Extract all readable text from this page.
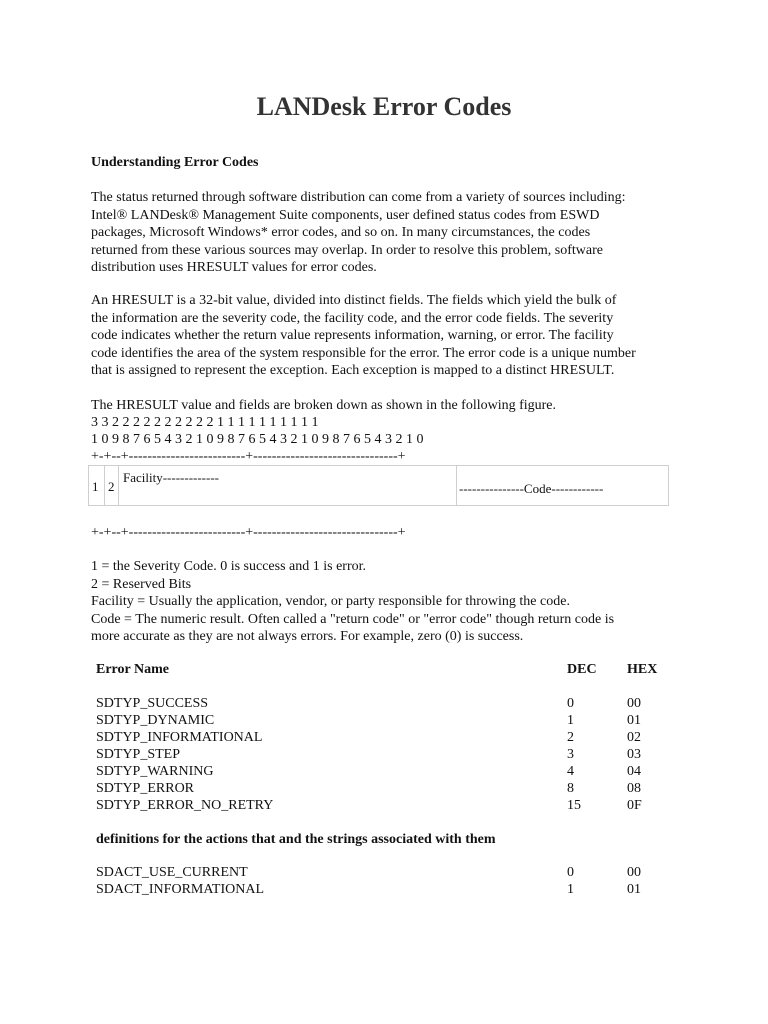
LANDesk Error Codes
Understanding Error Codes
The status returned through software distribution can come from a variety of sources including:
Intel® LANDesk® Management Suite components, user defined status codes from ESWD
packages, Microsoft Windows* error codes, and so on. In many circumstances, the codes
returned from these various sources may overlap. In order to resolve this problem, software
distribution uses HRESULT values for error codes.
An HRESULT is a 32-bit value, divided into distinct fields. The fields which yield the bulk of
the information are the severity code, the facility code, and the error code fields. The severity
code indicates whether the return value represents information, warning, or error. The facility
code identifies the area of the system responsible for the error. The error code is a unique number
that is assigned to represent the exception. Each exception is mapped to a distinct HRESULT.
The HRESULT value and fields are broken down as shown in the following figure.
3 3 2 2 2 2 2 2 2 2 2 2 1 1 1 1 1 1 1 1 1 1
1 0 9 8 7 6 5 4 3 2 1 0 9 8 7 6 5 4 3 2 1 0 9 8 7 6 5 4 3 2 1 0
+-+--+-------------------------+-------------------------------+
1 2
Facility-------------
---------------Code------------
+-+--+-------------------------+-------------------------------+
1 = the Severity Code. 0 is success and 1 is error.
2 = Reserved Bits
Facility = Usually the application, vendor, or party responsible for throwing the code.
Code = The numeric result. Often called a "return code" or "error code" though return code is
more accurate as they are not always errors. For example, zero (0) is success.
Error Name	DEC HEX
SDTYP_SUCCESS	0	00
SDTYP_DYNAMIC	1	01
SDTYP_INFORMATIONAL	2	02
SDTYP_STEP	3	03
SDTYP_WARNING	4	04
SDTYP_ERROR	8	08
SDTYP_ERROR_NO_RETRY	15	0F
definitions for the actions that and the strings associated with them
SDACT_USE_CURRENT	0	00
SDACT_INFORMATIONAL	1	01
